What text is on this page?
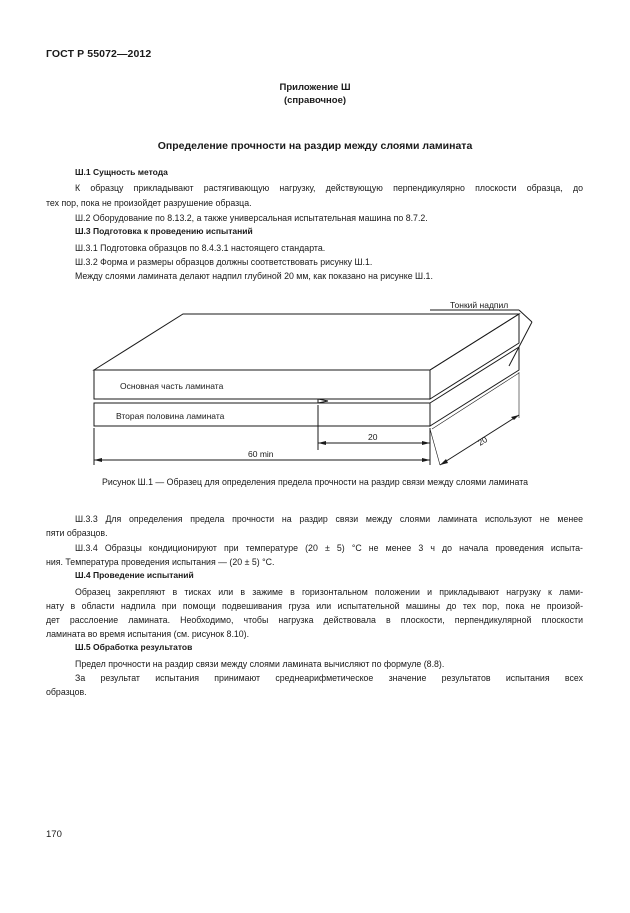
ГОСТ Р 55072—2012
Приложение Ш
(справочное)
Определение прочности на раздир между слоями ламината
Ш.1 Сущность метода
К образцу прикладывают растягивающую нагрузку, действующую перпендикулярно плоскости образца, до
тех пор, пока не произойдет разрушение образца.
Ш.2 Оборудование по 8.13.2, а также универсальная испытательная машина по 8.7.2.
Ш.3 Подготовка к проведению испытаний
Ш.3.1 Подготовка образцов по 8.4.3.1 настоящего стандарта.
Ш.3.2 Форма и размеры образцов должны соответствовать рисунку Ш.1.
Между слоями ламината делают надпил глубиной 20 мм, как показано на рисунке Ш.1.
Тонкий надпил
Основная часть ламината
Вторая половина ламината
20	20
60 min
Рисунок Ш.1 — Образец для определения предела прочности на раздир связи между слоями ламината
Ш.3.3 Для определения предела прочности на раздир связи между слоями ламината используют не менее
пяти образцов.
Ш.3.4 Образцы кондиционируют при температуре (20 ± 5) °С не менее 3 ч до начала проведения испыта-
ния. Температура проведения испытания — (20 ± 5) °С.
Ш.4 Проведение испытаний
Образец закрепляют в тисках или в зажиме в горизонтальном положении и прикладывают нагрузку к лами-
нату в области надпила при помощи подвешивания груза или испытательной машины до тех пор, пока не произой-
дет расслоение ламината. Необходимо, чтобы нагрузка действовала в плоскости, перпендикулярной плоскости
ламината во время испытания (см. рисунок 8.10).
Ш.5 Обработка результатов
Предел прочности на раздир связи между слоями ламината вычисляют по формуле (8.8).
За результат испытания принимают среднеарифметическое значение результатов испытания всех
образцов.
170
